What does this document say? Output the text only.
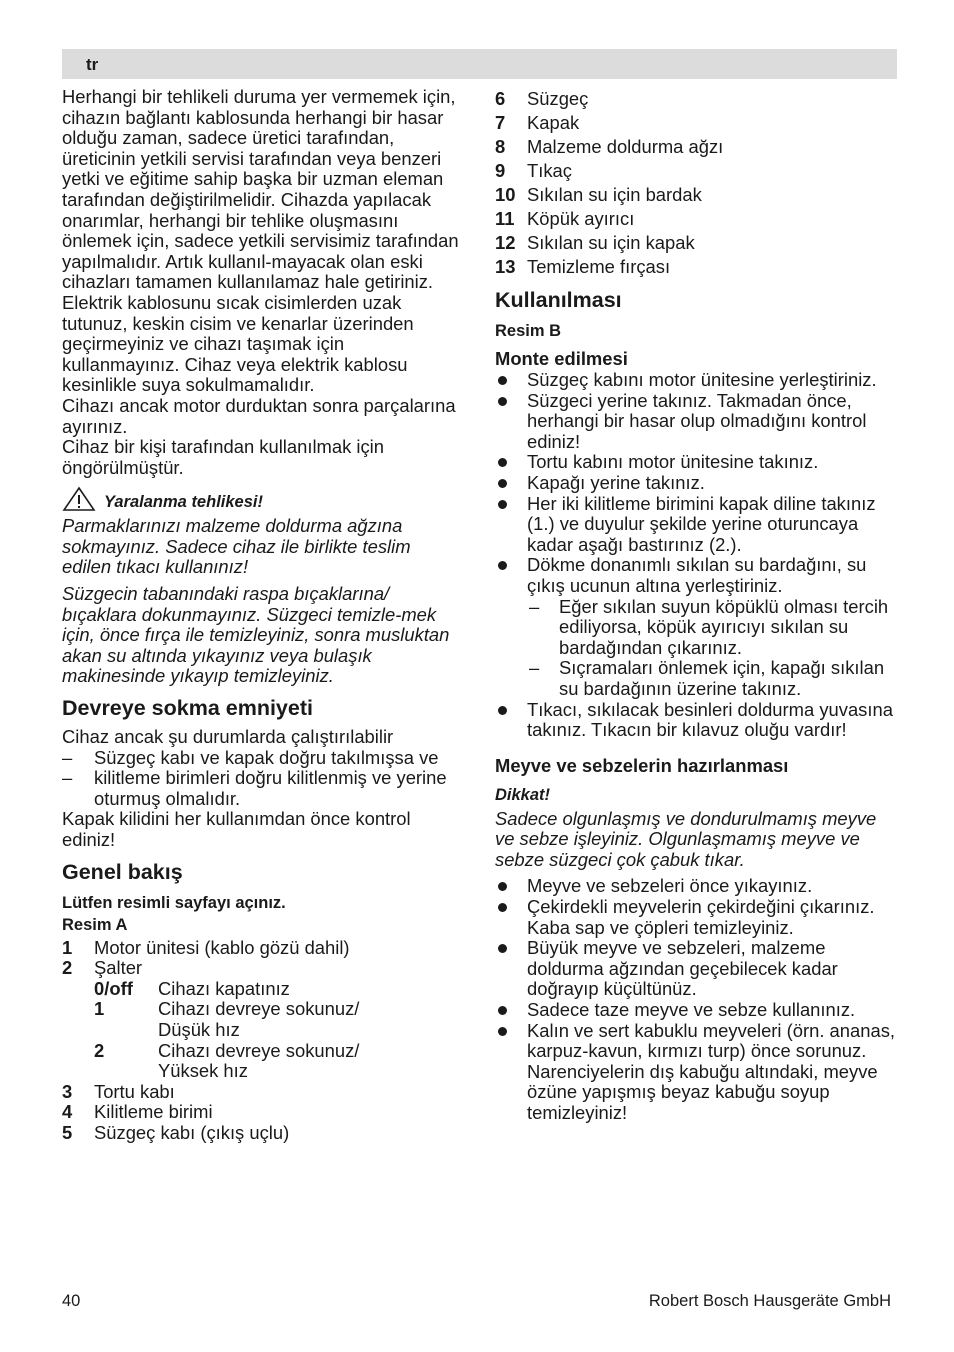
tr

Herhangi bir tehlikeli duruma yer vermemek için, cihazın bağlantı kablosunda herhangi bir hasar olduğu zaman, sadece üretici tarafından, üreticinin yetkili servisi tarafından veya benzeri yetki ve eğitime sahip başka bir uzman eleman tarafından değiştirilmelidir. Cihazda yapılacak onarımlar, herhangi bir tehlike oluşmasını önlemek için, sadece yetkili servisimiz tarafından yapılmalıdır. Artık kullanıl-mayacak olan eski cihazları tamamen kullanılamaz hale getiriniz.

Elektrik kablosunu sıcak cisimlerden uzak tutunuz, keskin cisim ve kenarlar üzerinden geçirmeyiniz ve cihazı taşımak için kullanmayınız. Cihaz veya elektrik kablosu kesinlikle suya sokulmamalıdır.

Cihazı ancak motor durduktan sonra parçalarına ayırınız.

Cihaz bir kişi tarafından kullanılmak için öngörülmüştür.

Yaralanma tehlikesi!

Parmaklarınızı malzeme doldurma ağzına sokmayınız. Sadece cihaz ile birlikte teslim edilen tıkacı kullanınız!

Süzgecin tabanındaki raspa bıçaklarına/ bıçaklara dokunmayınız. Süzgeci temizle-mek için, önce fırça ile temizleyiniz, sonra musluktan akan su altında yıkayınız veya bulaşık makinesinde yıkayıp temizleyiniz.

Devreye sokma emniyeti

Cihaz ancak şu durumlarda çalıştırılabilir

– Süzgeç kabı ve kapak doğru takılmışsa ve

– kilitleme birimleri doğru kilitlenmiş ve yerine oturmuş olmalıdır.

Kapak kilidini her kullanımdan önce kontrol ediniz!

Genel bakış
Lütfen resimli sayfayı açınız.
Resim A
1	Motor ünitesi (kablo gözü dahil)
2	Şalter
0/off	Cihazı kapatınız
1	Cihazı devreye sokunuz/ Düşük hız
2	Cihazı devreye sokunuz/ Yüksek hız
3	Tortu kabı
4	Kilitleme birimi
5	Süzgeç kabı (çıkış uçlu)
6	Süzgeç
7	Kapak
8	Malzeme doldurma ağzı
9	Tıkaç
10 Sıkılan su için bardak
11 Köpük ayırıcı
12 Sıkılan su için kapak
13 Temizleme fırçası
Kullanılması
Resim B
Monte edilmesi

Süzgeç kabını motor ünitesine yerleştiriniz.

Süzgeci yerine takınız. Takmadan önce, herhangi bir hasar olup olmadığını kontrol ediniz!

Tortu kabını motor ünitesine takınız.

Kapağı yerine takınız.

Her iki kilitleme birimini kapak diline takınız (1.) ve duyulur şekilde yerine oturuncaya kadar aşağı bastırınız (2.).

Dökme donanımlı sıkılan su bardağını, su çıkış ucunun altına yerleştiriniz.

– Eğer sıkılan suyun köpüklü olması tercih ediliyorsa, köpük ayırıcıyı sıkılan su bardağından çıkarınız.

– Sıçramaları önlemek için, kapağı sıkılan su bardağının üzerine takınız.

Tıkacı, sıkılacak besinleri doldurma yuvasına takınız. Tıkacın bir kılavuz oluğu vardır!

Meyve ve sebzelerin hazırlanması
Dikkat!

Sadece olgunlaşmış ve dondurulmamış meyve ve sebze işleyiniz. Olgunlaşmamış meyve ve sebze süzgeci çok çabuk tıkar.

Meyve ve sebzeleri önce yıkayınız.

Çekirdekli meyvelerin çekirdeğini çıkarınız. Kaba sap ve çöpleri temizleyiniz.

Büyük meyve ve sebzeleri, malzeme doldurma ağzından geçebilecek kadar doğrayıp küçültünüz.

Sadece taze meyve ve sebze kullanınız.

Kalın ve sert kabuklu meyveleri (örn. ananas, karpuz-kavun, kırmızı turp) önce sorunuz. Narenciyelerin dış kabuğu altındaki, meyve özüne yapışmış beyaz kabuğu soyup temizleyiniz!

40	Robert Bosch Hausgeräte GmbH
